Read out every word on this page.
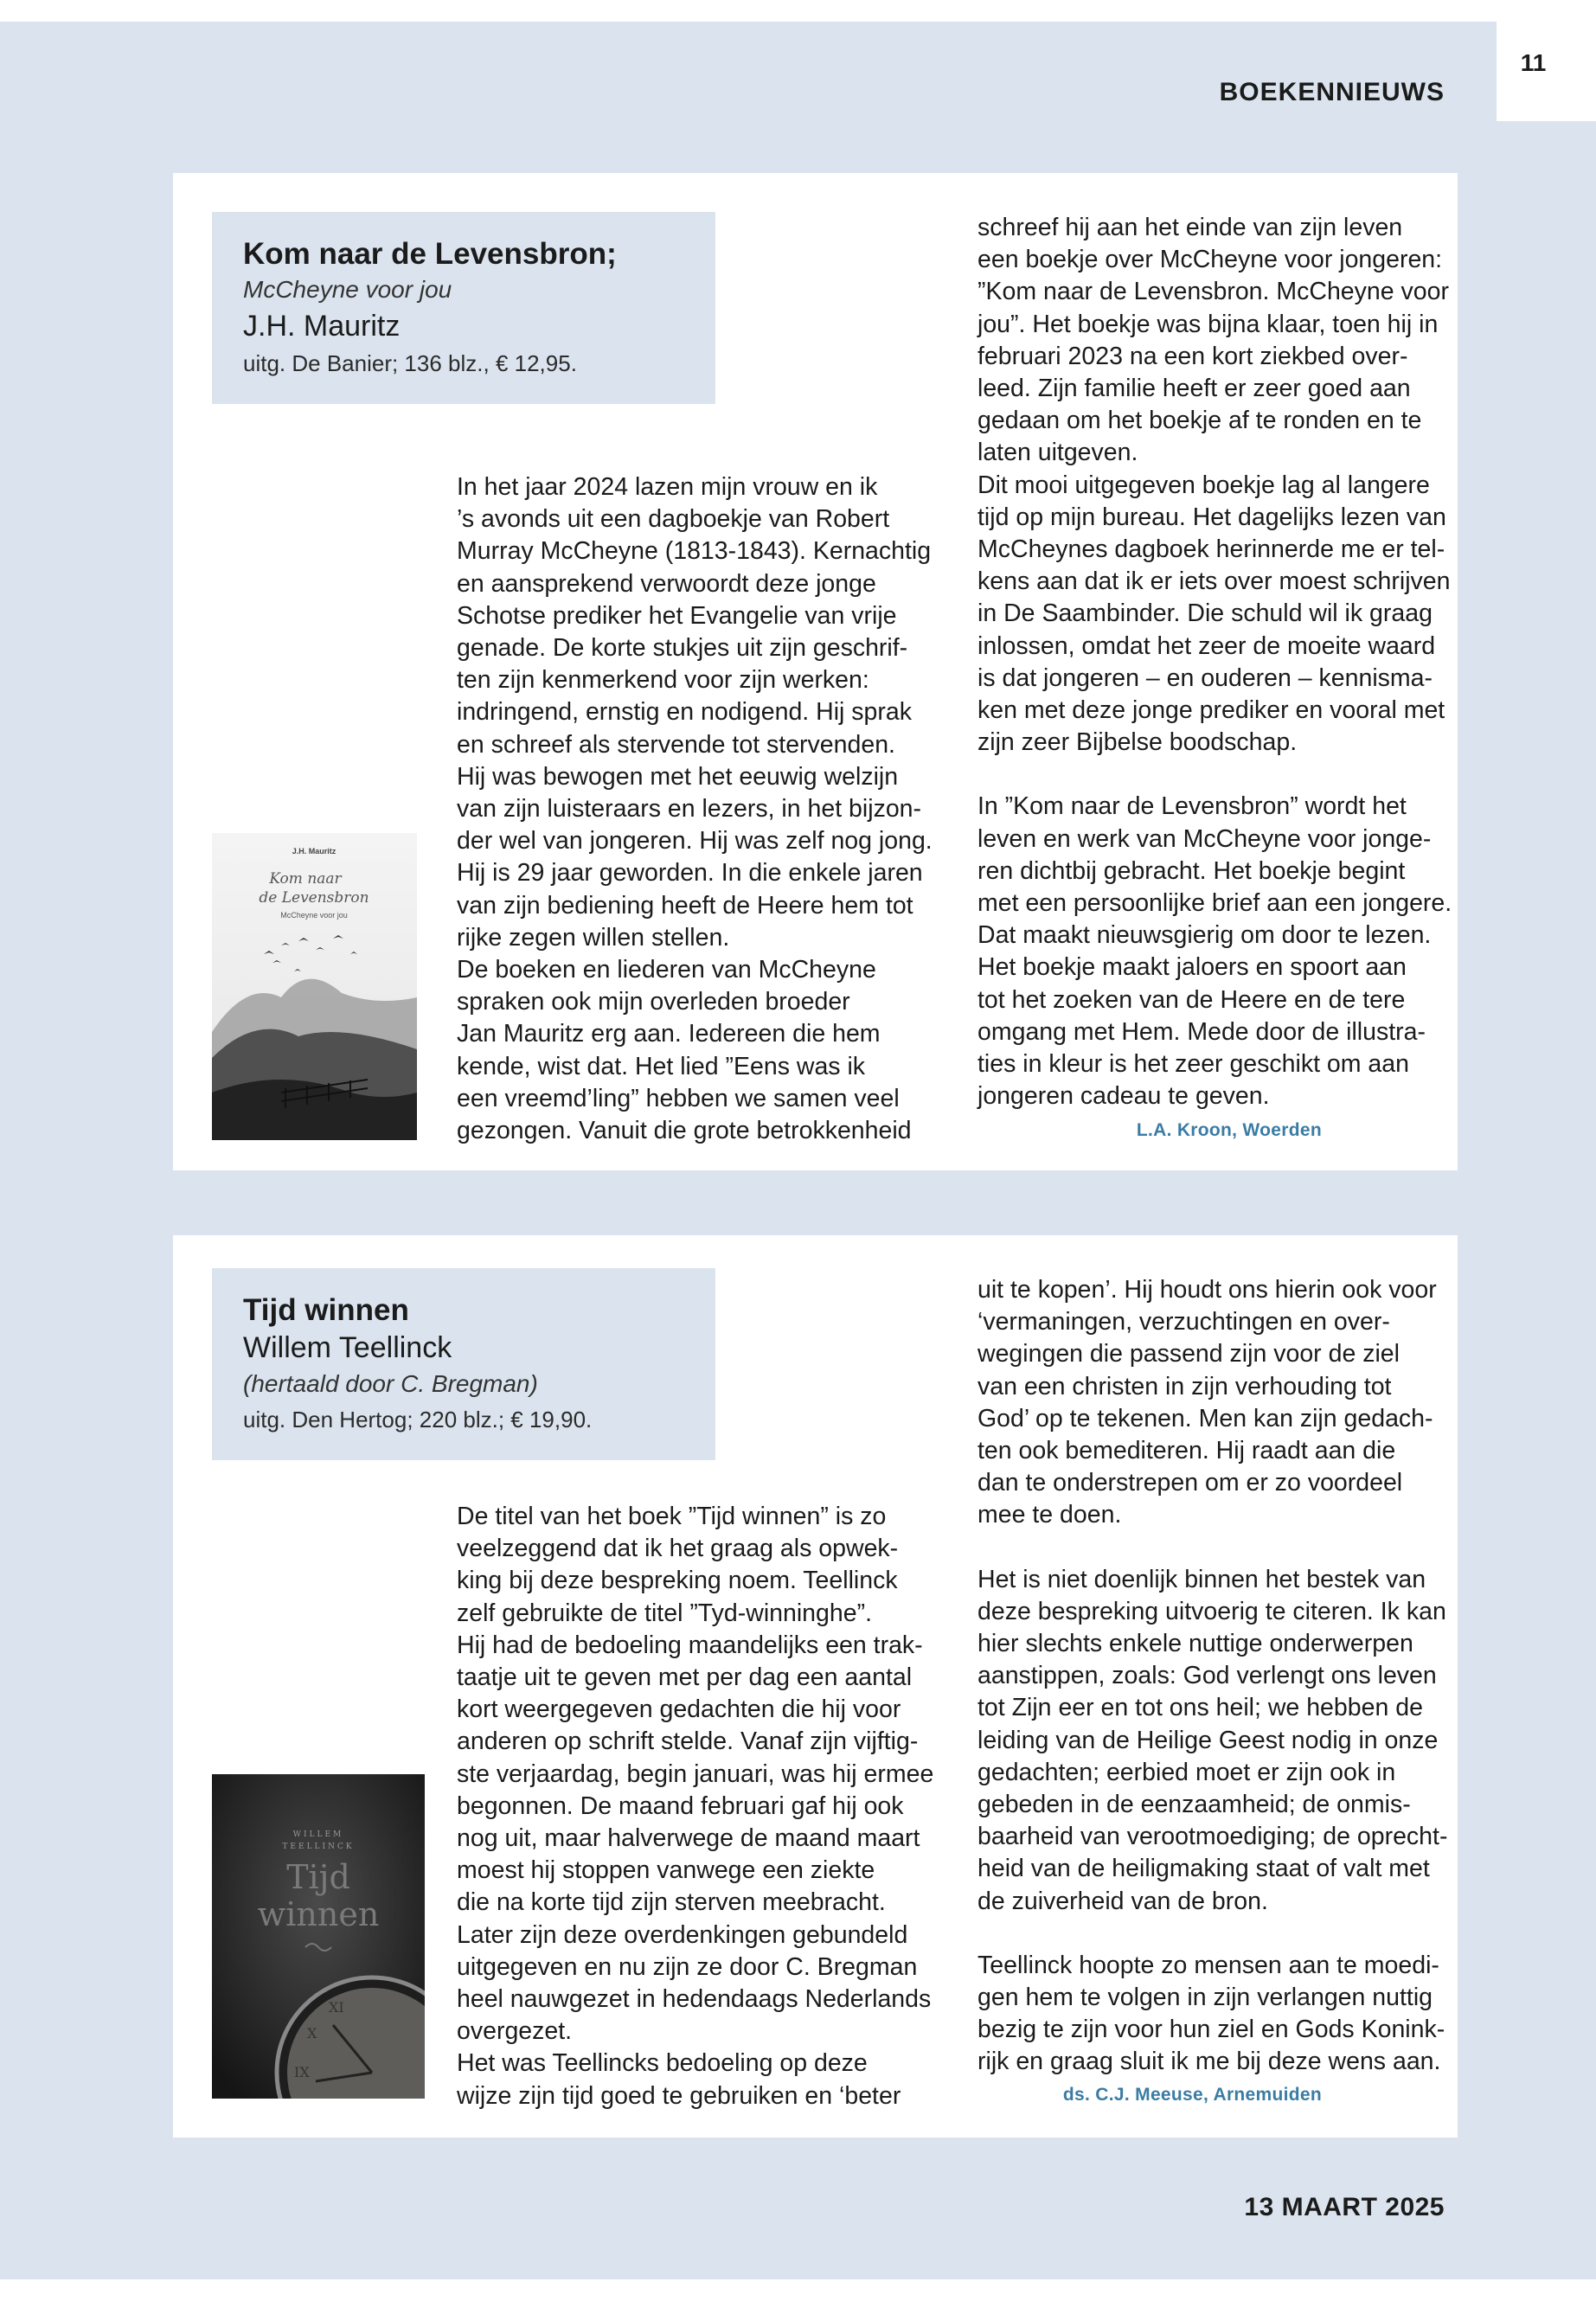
11
BOEKENNIEUWS
Kom naar de Levensbron;
McCheyne voor jou
J.H. Mauritz
uitg. De Banier; 136 blz., € 12,95.
J.H. Mauritz
Kom naar
de Levensbron
McCheyne voor jou

In het jaar 2024 lazen mijn vrouw en ik
’s avonds uit een dagboekje van Robert
Murray McCheyne (1813-1843). Kernachtig
en aansprekend verwoordt deze jonge
Schotse prediker het Evangelie van vrije
genade. De korte stukjes uit zijn geschrif-
ten zijn kenmerkend voor zijn werken:
indringend, ernstig en nodigend. Hij sprak
en schreef als stervende tot stervenden.
Hij was bewogen met het eeuwig welzijn
van zijn luisteraars en lezers, in het bijzon-
der wel van jongeren. Hij was zelf nog jong.
Hij is 29 jaar geworden. In die enkele jaren
van zijn bediening heeft de Heere hem tot
rijke zegen willen stellen.
De boeken en liederen van McCheyne
spraken ook mijn overleden broeder
Jan Mauritz erg aan. Iedereen die hem
kende, wist dat. Het lied ”Eens was ik
een vreemd’ling” hebben we samen veel
gezongen. Vanuit die grote betrokkenheid

schreef hij aan het einde van zijn leven
een boekje over McCheyne voor jongeren:
”Kom naar de Levensbron. McCheyne voor
jou”. Het boekje was bijna klaar, toen hij in
februari 2023 na een kort ziekbed over-
leed. Zijn familie heeft er zeer goed aan
gedaan om het boekje af te ronden en te
laten uitgeven.
Dit mooi uitgegeven boekje lag al langere
tijd op mijn bureau. Het dagelijks lezen van
McCheynes dagboek herinnerde me er tel-
kens aan dat ik er iets over moest schrijven
in De Saambinder. Die schuld wil ik graag
inlossen, omdat het zeer de moeite waard
is dat jongeren – en ouderen – kennisma-
ken met deze jonge prediker en vooral met
zijn zeer Bijbelse boodschap.

In ”Kom naar de Levensbron” wordt het
leven en werk van McCheyne voor jonge-
ren dichtbij gebracht. Het boekje begint
met een persoonlijke brief aan een jongere.
Dat maakt nieuwsgierig om door te lezen.
Het boekje maakt jaloers en spoort aan
tot het zoeken van de Heere en de tere
omgang met Hem. Mede door de illustra-
ties in kleur is het zeer geschikt om aan
jongeren cadeau te geven.

L.A. Kroon, Woerden
Tijd winnen
Willem Teellinck
(hertaald door C. Bregman)
uitg. Den Hertog; 220 blz.; € 19,90.
WILLEM
TEELLINCK
Tijd
winnen
X
IX
XI

De titel van het boek ”Tijd winnen” is zo
veelzeggend dat ik het graag als opwek-
king bij deze bespreking noem. Teellinck
zelf gebruikte de titel ”Tyd-winninghe”.
Hij had de bedoeling maandelijks een trak-
taatje uit te geven met per dag een aantal
kort weergegeven gedachten die hij voor
anderen op schrift stelde. Vanaf zijn vijftig-
ste verjaardag, begin januari, was hij ermee
begonnen. De maand februari gaf hij ook
nog uit, maar halverwege de maand maart
moest hij stoppen vanwege een ziekte
die na korte tijd zijn sterven meebracht.
Later zijn deze overdenkingen gebundeld
uitgegeven en nu zijn ze door C. Bregman
heel nauwgezet in hedendaags Nederlands
overgezet.
Het was Teellincks bedoeling op deze
wijze zijn tijd goed te gebruiken en ‘beter

uit te kopen’. Hij houdt ons hierin ook voor
‘vermaningen, verzuchtingen en over-
wegingen die passend zijn voor de ziel
van een christen in zijn verhouding tot
God’ op te tekenen. Men kan zijn gedach-
ten ook bemediteren. Hij raadt aan die
dan te onderstrepen om er zo voordeel
mee te doen.

Het is niet doenlijk binnen het bestek van
deze bespreking uitvoerig te citeren. Ik kan
hier slechts enkele nuttige onderwerpen
aanstippen, zoals: God verlengt ons leven
tot Zijn eer en tot ons heil; we hebben de
leiding van de Heilige Geest nodig in onze
gedachten; eerbied moet er zijn ook in
gebeden in de eenzaamheid; de onmis-
baarheid van verootmoediging; de oprecht-
heid van de heiligmaking staat of valt met
de zuiverheid van de bron.

Teellinck hoopte zo mensen aan te moedi-
gen hem te volgen in zijn verlangen nuttig
bezig te zijn voor hun ziel en Gods Konink-
rijk en graag sluit ik me bij deze wens aan.

ds. C.J. Meeuse, Arnemuiden
13 MAART 2025
